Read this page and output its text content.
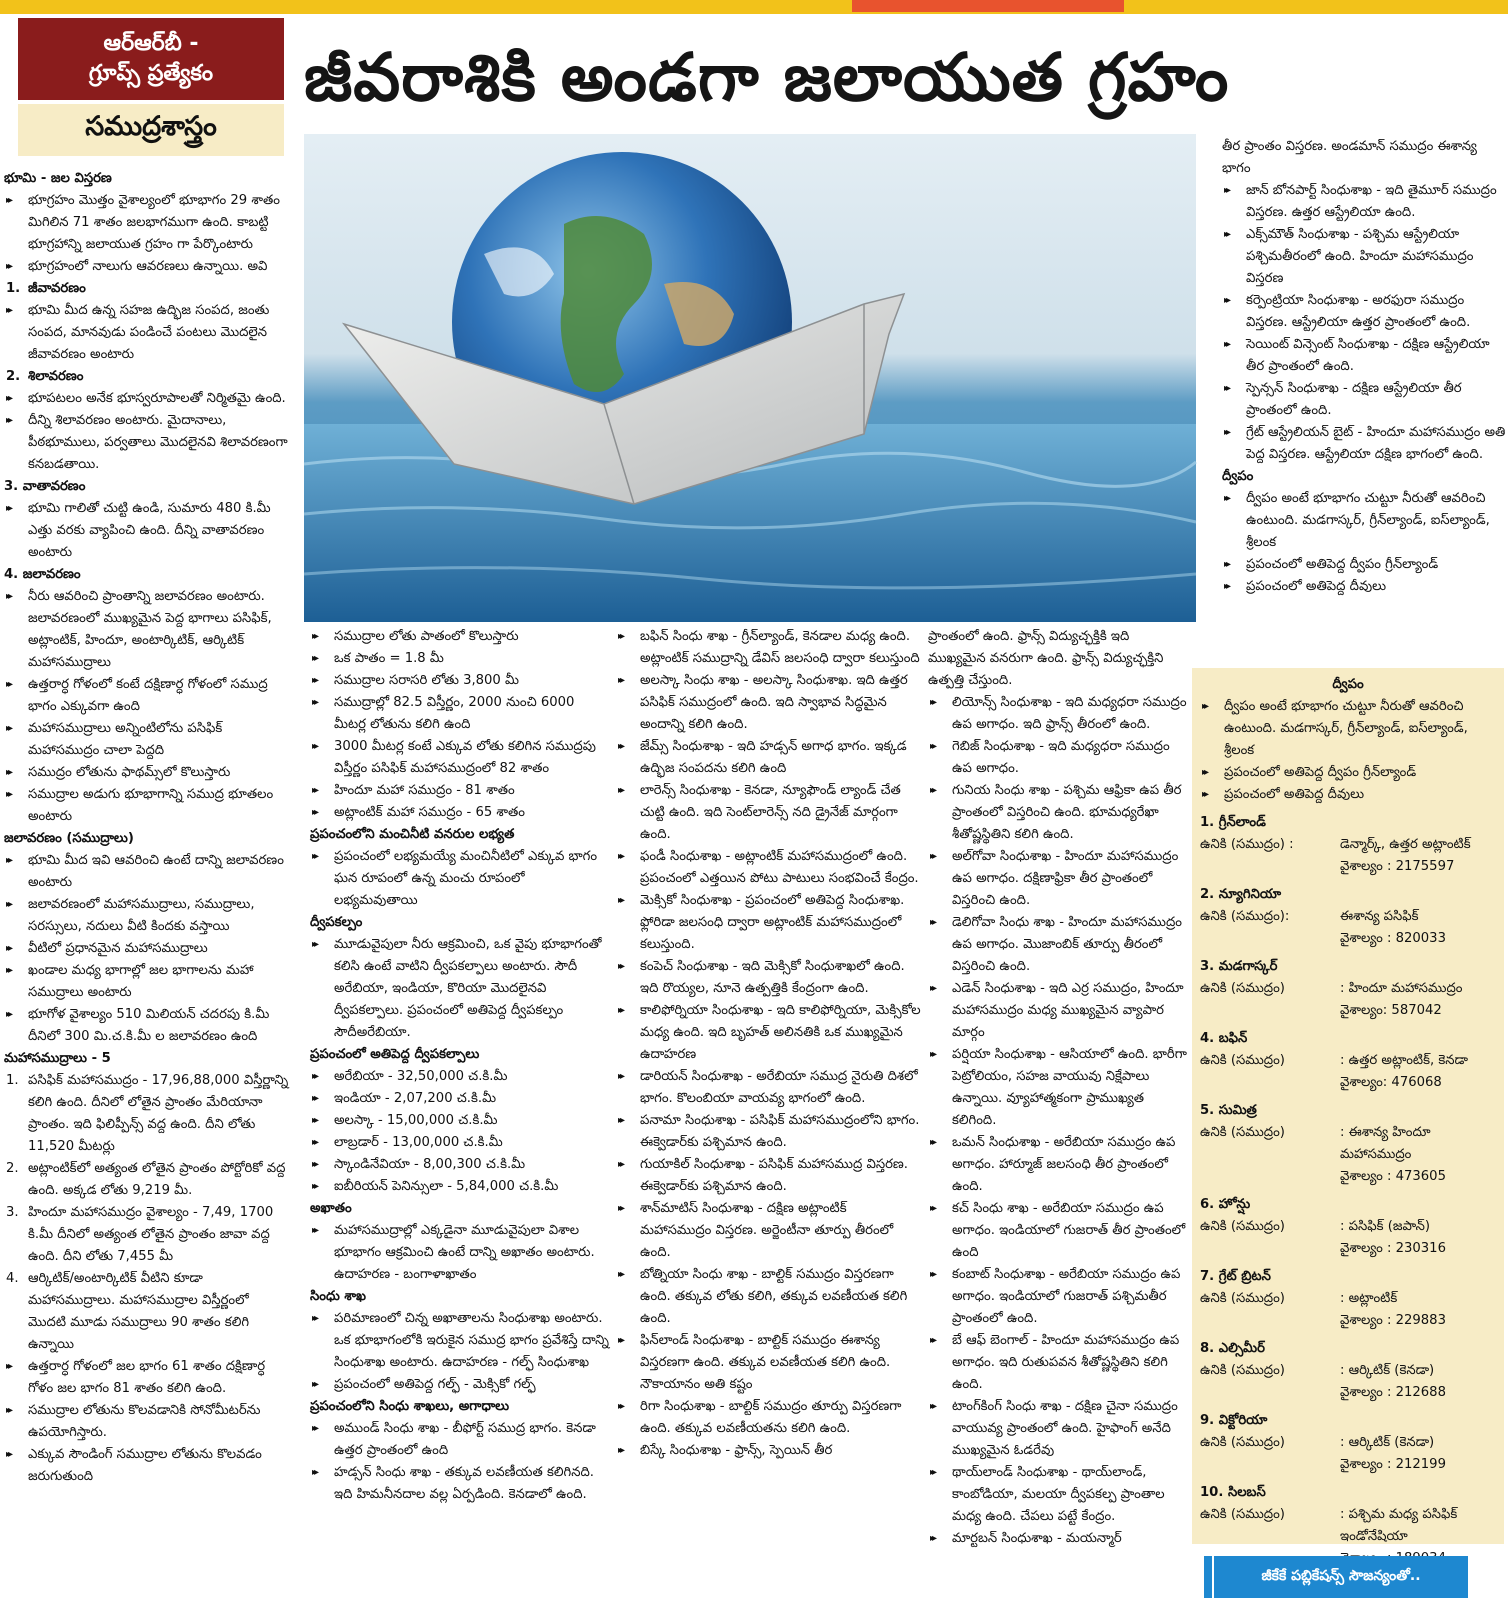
ఆర్‌ఆర్‌బీ -
గ్రూప్స్‌ ప్రత్యేకం
సముద్రశాస్త్రం
జీవరాశికి అండగా జలాయుత గ్రహం

భూమి - జల విస్తరణ

▸▸ భూగ్రహం మొత్తం వైశాల్యంలో భూభాగం 29 శాతం మిగిలిన 71 శాతం జలభాగముగా ఉంది. కాబట్టి భూగ్రహాన్ని జలాయుత గ్రహం గా పేర్కొంటారు

▸▸ భూగ్రహంలో నాలుగు ఆవరణలు ఉన్నాయి. అవి

1. జీవావరణం

▸▸ భూమి మీద ఉన్న సహజ ఉద్భిజ సంపద, జంతు సంపద, మానవుడు పండించే పంటలు మొదలైన జీవావరణం అంటారు

2. శిలావరణం

▸▸ భూపటలం అనేక భూస్వరూపాలతో నిర్మితమై ఉంది.

▸▸ దీన్ని శిలావరణం అంటారు. మైదానాలు, పీఠభూములు, పర్వతాలు మొదలైనవి శిలావరణంగా కనబడతాయి.

3. వాతావరణం

▸▸ భూమి గాలితో చుట్టి ఉండి, సుమారు 480 కి.మీ ఎత్తు వరకు వ్యాపించి ఉంది. దీన్ని వాతావరణం అంటారు

4. జలావరణం

▸▸ నీరు ఆవరించి ప్రాంతాన్ని జలావరణం అంటారు. జలావరణంలో ముఖ్యమైన పెద్ద భాగాలు పసిఫిక్‌, అట్లాంటిక్‌, హిందూ, అంటార్కిటిక్‌, ఆర్కిటిక్‌ మహాసముద్రాలు

▸▸ ఉత్తరార్ధ గోళంలో కంటే దక్షిణార్ధ గోళంలో సముద్ర భాగం ఎక్కువగా ఉంది

▸▸ మహాసముద్రాలు అన్నింటిలోను పసిఫిక్‌ మహాసముద్రం చాలా పెద్దది

▸▸ సముద్రం లోతును ఫాథమ్స్‌లో కొలుస్తారు

▸▸ సముద్రాల అడుగు భూభాగాన్ని సముద్ర భూతలం అంటారు

జలావరణం (సముద్రాలు)

▸▸ భూమి మీద ఇవి ఆవరించి ఉంటే దాన్ని జలావరణం అంటారు

▸▸ జలావరణంలో మహాసముద్రాలు, సముద్రాలు, సరస్సులు, నదులు వీటి కిందకు వస్తాయి

▸▸ వీటిలో ప్రధానమైన మహాసముద్రాలు

▸▸ ఖండాల మధ్య భాగాల్లో జల భాగాలను మహా సముద్రాలు అంటారు

▸▸ భూగోళ వైశాల్యం 510 మిలియన్‌ చదరపు కి.మీ దీనిలో 300 మి.చ.కి.మీ ల జలావరణం ఉంది

మహాసముద్రాలు - 5

1. పసిఫిక్‌ మహాసముద్రం - 17,96,88,000 విస్తీర్ణాన్ని కలిగి ఉంది. దీనిలో లోతైన ప్రాంతం మేరియానా ప్రాంతం. ఇది ఫిలిప్పీన్స్‌ వద్ద ఉంది. దీని లోతు 11,520 మీటర్లు

2. అట్లాంటిక్‌లో అత్యంత లోతైన ప్రాంతం పోర్టోరికో వద్ద ఉంది. అక్కడ లోతు 9,219 మీ.

3. హిందూ మహాసముద్రం వైశాల్యం - 7,49, 1700 కి.మీ దీనిలో అత్యంత లోతైన ప్రాంతం జావా వద్ద ఉంది. దీని లోతు 7,455 మీ

4. ఆర్కిటిక్‌/అంటార్కిటిక్‌ వీటిని కూడా మహాసముద్రాలు. మహాసముద్రాల విస్తీర్ణంలో మొదటి మూడు సముద్రాలు 90 శాతం కలిగి ఉన్నాయి

▸▸ ఉత్తరార్ధ గోళంలో జల భాగం 61 శాతం దక్షిణార్ధ గోళం జల భాగం 81 శాతం కలిగి ఉంది.

▸▸ సముద్రాల లోతును కొలవడానికి సోనోమీటర్‌ను ఉపయోగిస్తారు.

▸▸ ఎక్కువ సౌండింగ్‌ సముద్రాల లోతును కొలవడం జరుగుతుంది

▸▸ సముద్రాల లోతు పాతంలో కొలుస్తారు

▸▸ ఒక పాతం = 1.8 మీ

▸▸ సముద్రాల సరాసరి లోతు 3,800 మీ

▸▸ సముద్రాల్లో 82.5 విస్తీర్ణం, 2000 నుంచి 6000 మీటర్ల లోతును కలిగి ఉంది

▸▸ 3000 మీటర్ల కంటే ఎక్కువ లోతు కలిగిన సముద్రపు విస్తీర్ణం పసిఫిక్‌ మహాసముద్రంలో 82 శాతం

▸▸ హిందూ మహా సముద్రం - 81 శాతం

▸▸ అట్లాంటిక్‌ మహా సముద్రం - 65 శాతం

ప్రపంచంలోని మంచినీటి వనరుల లభ్యత

▸▸ ప్రపంచంలో లభ్యమయ్యే మంచినీటిలో ఎక్కువ భాగం ఘన రూపంలో ఉన్న మంచు రూపంలో లభ్యమవుతాయి

ద్వీపకల్పం

▸▸ మూడువైపులా నీరు ఆక్రమించి, ఒక వైపు భూభాగంతో కలిసి ఉంటే వాటిని ద్వీపకల్పాలు అంటారు. సౌదీ అరేబియా, ఇండియా, కొరియా మొదలైనవి ద్వీపకల్పాలు. ప్రపంచంలో అతిపెద్ద ద్వీపకల్పం సౌదీఅరేబియా.

ప్రపంచంలో అతిపెద్ద ద్వీపకల్పాలు

▸▸ అరేబియా - 32,50,000 చ.కి.మీ

▸▸ ఇండియా - 2,07,200 చ.కి.మీ

▸▸ అలస్కా - 15,00,000 చ.కి.మీ

▸▸ లాబ్రడార్‌ - 13,00,000 చ.కి.మీ

▸▸ స్కాండినేవియా - 8,00,300 చ.కి.మీ

▸▸ ఐబీరియన్‌ పెనిన్సులా - 5,84,000 చ.కి.మీ

అఖాతం

▸▸ మహాసముద్రాల్లో ఎక్కడైనా మూడువైపులా విశాల భూభాగం ఆక్రమించి ఉంటే దాన్ని అఖాతం అంటారు. ఉదాహరణ - బంగాళాఖాతం

సింధు శాఖ

▸▸ పరిమాణంలో చిన్న అఖాతాలను సింధుశాఖ అంటారు. ఒక భూభాగంలోకి ఇరుకైన సముద్ర భాగం ప్రవేశిస్తే దాన్ని సింధుశాఖ అంటారు. ఉదాహరణ - గల్ఫ్‌ సింధుశాఖ

▸▸ ప్రపంచంలో అతిపెద్ద గల్ఫ్‌ - మెక్సికో గల్ఫ్‌

ప్రపంచంలోని సింధు శాఖలు, అగాధాలు

▸▸ అముండ్‌ సింధు శాఖ - బీఫోర్ట్‌ సముద్ర భాగం. కెనడా ఉత్తర ప్రాంతంలో ఉంది

▸▸ హడ్సన్‌ సింధు శాఖ - తక్కువ లవణీయత కలిగినది. ఇది హిమనీనదాల వల్ల ఏర్పడింది. కెనడాలో ఉంది.

▸▸ బఫిన్‌ సింధు శాఖ - గ్రీన్‌ల్యాండ్‌, కెనడాల మధ్య ఉంది. అట్లాంటిక్‌ సముద్రాన్ని డేవిస్‌ జలసంధి ద్వారా కలుస్తుంది

▸▸ అలస్కా సింధు శాఖ - అలస్కా సింధుశాఖ. ఇది ఉత్తర పసిఫిక్‌ సముద్రంలో ఉంది. ఇది స్వాభావ సిద్ధమైన అందాన్ని కలిగి ఉంది.

▸▸ జేమ్స్‌ సింధుశాఖ - ఇది హడ్సన్‌ అగాధ భాగం. ఇక్కడ ఉద్భిజ సంపదను కలిగి ఉంది

▸▸ లారెన్స్‌ సింధుశాఖ - కెనడా, న్యూఫౌండ్‌ ల్యాండ్‌ చేత చుట్టి ఉంది. ఇది సెంట్‌లారెన్స్‌ నది డ్రైనేజ్‌ మార్గంగా ఉంది.

▸▸ ఫండీ సింధుశాఖ - అట్లాంటిక్‌ మహాసముద్రంలో ఉంది. ప్రపంచంలో ఎత్తయిన పోటు పాటులు సంభవించే కేంద్రం.

▸▸ మెక్సికో సింధుశాఖ - ప్రపంచంలో అతిపెద్ద సింధుశాఖ. ఫ్లోరిడా జలసంధి ద్వారా అట్లాంటిక్‌ మహాసముద్రంలో కలుస్తుంది.

▸▸ కంపెచ్‌ సింధుశాఖ - ఇది మెక్సికో సింధుశాఖలో ఉంది. ఇది రొయ్యల, నూనె ఉత్పత్తికి కేంద్రంగా ఉంది.

▸▸ కాలిఫోర్నియా సింధుశాఖ - ఇది కాలిఫోర్నియా, మెక్సికోల మధ్య ఉంది. ఇది బృహత్‌ అలినతికి ఒక ముఖ్యమైన ఉదాహరణ

▸▸ డారియన్‌ సింధుశాఖ - అరేబియా సముద్ర నైరుతి దిశలో భాగం. కొలంబియా వాయవ్య భాగంలో ఉంది.

▸▸ పనామా సింధుశాఖ - పసిఫిక్‌ మహాసముద్రంలోని భాగం. ఈక్వెడార్‌కు పశ్చిమాన ఉంది.

▸▸ గుయాకిల్‌ సింధుశాఖ - పసిఫిక్‌ మహాసముద్ర విస్తరణ. ఈక్వెడార్‌కు పశ్చిమాన ఉంది.

▸▸ శాన్‌మాటిస్‌ సింధుశాఖ - దక్షిణ అట్లాంటిక్‌ మహాసముద్రం విస్తరణ. అర్జెంటీనా తూర్పు తీరంలో ఉంది.

▸▸ బోత్నియా సింధు శాఖ - బాల్టిక్‌ సముద్రం విస్తరణగా ఉంది. తక్కువ లోతు కలిగి, తక్కువ లవణీయత కలిగి ఉంది.

▸▸ ఫిన్‌లాండ్‌ సింధుశాఖ - బాల్టిక్‌ సముద్రం ఈశాన్య విస్తరణగా ఉంది. తక్కువ లవణీయత కలిగి ఉంది. నౌకాయానం అతి కష్టం

▸▸ రిగా సింధుశాఖ - బాల్టిక్‌ సముద్రం తూర్పు విస్తరణగా ఉంది. తక్కువ లవణీయతను కలిగి ఉంది.

▸▸ బిస్కే సింధుశాఖ - ఫ్రాన్స్‌, స్పెయిన్‌ తీర

ప్రాంతంలో ఉంది. ఫ్రాన్స్‌ విద్యుచ్ఛక్తికి ఇది ముఖ్యమైన వనరుగా ఉంది. ఫ్రాన్స్‌ విద్యుచ్ఛక్తిని ఉత్పత్తి చేస్తుంది.

▸▸ లియోన్స్‌ సింధుశాఖ - ఇది మధ్యధరా సముద్రం ఉప అగాధం. ఇది ఫ్రాన్స్‌ తీరంలో ఉంది.

▸▸ గెబిజ్‌ సింధుశాఖ - ఇది మధ్యధరా సముద్రం ఉప అగాధం.

▸▸ గునియ సింధు శాఖ - పశ్చిమ ఆఫ్రికా ఉప తీర ప్రాంతంలో విస్తరించి ఉంది. భూమధ్యరేఖా శీతోష్ణస్థితిని కలిగి ఉంది.

▸▸ అల్‌గోవా సింధుశాఖ - హిందూ మహాసముద్రం ఉప అగాధం. దక్షిణాఫ్రికా తీర ప్రాంతంలో విస్తరించి ఉంది.

▸▸ డెలిగోవా సింధు శాఖ - హిందూ మహాసముద్రం ఉప అగాధం. మొజాంబిక్‌ తూర్పు తీరంలో విస్తరించి ఉంది.

▸▸ ఎడెన్‌ సింధుశాఖ - ఇది ఎర్ర సముద్రం, హిందూ మహాసముద్రం మధ్య ముఖ్యమైన వ్యాపార మార్గం

▸▸ పర్షియా సింధుశాఖ - ఆసియాలో ఉంది. భారీగా పెట్రోలియం, సహజ వాయువు నిక్షేపాలు ఉన్నాయి. వ్యూహాత్మకంగా ప్రాముఖ్యత కలిగింది.

▸▸ ఒమన్‌ సింధుశాఖ - అరేబియా సముద్రం ఉప అగాధం. హార్మూజ్‌ జలసంధి తీర ప్రాంతంలో ఉంది.

▸▸ కచ్‌ సింధు శాఖ - అరేబియా సముద్రం ఉప అగాధం. ఇండియాలో గుజరాత్‌ తీర ప్రాంతంలో ఉంది

▸▸ కంబాట్‌ సింధుశాఖ - అరేబియా సముద్రం ఉప అగాధం. ఇండియాలో గుజరాత్‌ పశ్చిమతీర ప్రాంతంలో ఉంది.

▸▸ బే ఆఫ్‌ బెంగాల్‌ - హిందూ మహాసముద్రం ఉప అగాధం. ఇది రుతుపవన శీతోష్ణస్థితిని కలిగి ఉంది.

▸▸ టాంగ్‌కింగ్‌ సింధు శాఖ - దక్షిణ చైనా సముద్రం వాయువ్య ప్రాంతంలో ఉంది. హైఫాంగ్‌ అనేది ముఖ్యమైన ఓడరేవు

▸▸ థాయ్‌లాండ్‌ సింధుశాఖ - థాయ్‌లాండ్‌, కాంబోడియా, మలయా ద్వీపకల్ప ప్రాంతాల మధ్య ఉంది. చేపలు పట్టే కేంద్రం.

▸▸ మార్టబన్‌ సింధుశాఖ - మయన్మార్‌

తీర ప్రాంతం విస్తరణ. అండమాన్‌ సముద్రం ఈశాన్య భాగం

▸▸ జాన్‌ బోనపార్ట్‌ సింధుశాఖ - ఇది తైమూర్‌ సముద్రం విస్తరణ. ఉత్తర ఆస్ట్రేలియా ఉంది.

▸▸ ఎక్స్‌మౌత్‌ సింధుశాఖ - పశ్చిమ ఆస్ట్రేలియా పశ్చిమతీరంలో ఉంది. హిందూ మహాసముద్రం విస్తరణ

▸▸ కర్పెంట్రియా సింధుశాఖ - అరఫురా సముద్రం విస్తరణ. ఆస్ట్రేలియా ఉత్తర ప్రాంతంలో ఉంది.

▸▸ సెయింట్‌ విన్సెంట్‌ సింధుశాఖ - దక్షిణ ఆస్ట్రేలియా తీర ప్రాంతంలో ఉంది.

▸▸ స్పెన్సన్‌ సింధుశాఖ - దక్షిణ ఆస్ట్రేలియా తీర ప్రాంతంలో ఉంది.

▸▸ గ్రేట్‌ ఆస్ట్రేలియన్‌ బైట్‌ - హిందూ మహాసముద్రం అతి పెద్ద విస్తరణ. ఆస్ట్రేలియా దక్షిణ భాగంలో ఉంది.

ద్వీపం

▸▸ ద్వీపం అంటే భూభాగం చుట్టూ నీరుతో ఆవరించి ఉంటుంది. మడగాస్కర్‌, గ్రీన్‌ల్యాండ్‌, ఐస్‌ల్యాండ్‌, శ్రీలంక

▸▸ ప్రపంచంలో అతిపెద్ద ద్వీపం గ్రీన్‌ల్యాండ్‌

▸▸ ప్రపంచంలో అతిపెద్ద దీవులు

ద్వీపం

▸▸ ద్వీపం అంటే భూభాగం చుట్టూ నీరుతో ఆవరించి ఉంటుంది. మడగాస్కర్‌, గ్రీన్‌ల్యాండ్‌, ఐస్‌ల్యాండ్‌, శ్రీలంక

▸▸ ప్రపంచంలో అతిపెద్ద ద్వీపం గ్రీన్‌ల్యాండ్‌

▸▸ ప్రపంచంలో అతిపెద్ద దీవులు

1. గ్రీన్‌లాండ్‌

ఉనికి (సముద్రం) :	డెన్మార్క్‌, ఉత్తర అట్లాంటిక్‌

వైశాల్యం : 2175597

2. న్యూగినియా

ఉనికి (సముద్రం):	ఈశాన్య పసిఫిక్‌

వైశాల్యం : 820033

3. మడగాస్కర్‌

ఉనికి (సముద్రం)	: హిందూ మహాసముద్రం

వైశాల్యం: 587042

4. బఫిన్‌

ఉనికి (సముద్రం)	: ఉత్తర అట్లాంటిక్‌, కెనడా

వైశాల్యం: 476068

5. సుమిత్ర

ఉనికి (సముద్రం)	: ఈశాన్య హిందూ మహాసముద్రం

వైశాల్యం : 473605

6. హోన్షు

ఉనికి (సముద్రం)	: పసిఫిక్‌ (జపాన్‌)

వైశాల్యం : 230316

7. గ్రేట్‌ బ్రిటన్‌

ఉనికి (సముద్రం)	: అట్లాంటిక్‌

వైశాల్యం : 229883

8. ఎల్సిమీర్‌

ఉనికి (సముద్రం)	: ఆర్కిటిక్‌ (కెనడా)

వైశాల్యం : 212688

9. విక్టోరియా

ఉనికి (సముద్రం)	: ఆర్కిటిక్‌ (కెనడా)

వైశాల్యం : 212199

10. సిలబస్‌

ఉనికి (సముద్రం)	: పశ్చిమ మధ్య పసిఫిక్‌ ఇండోనేషియా

జీకేకే పబ్లికేషన్స్‌ సౌజన్యంతో..
